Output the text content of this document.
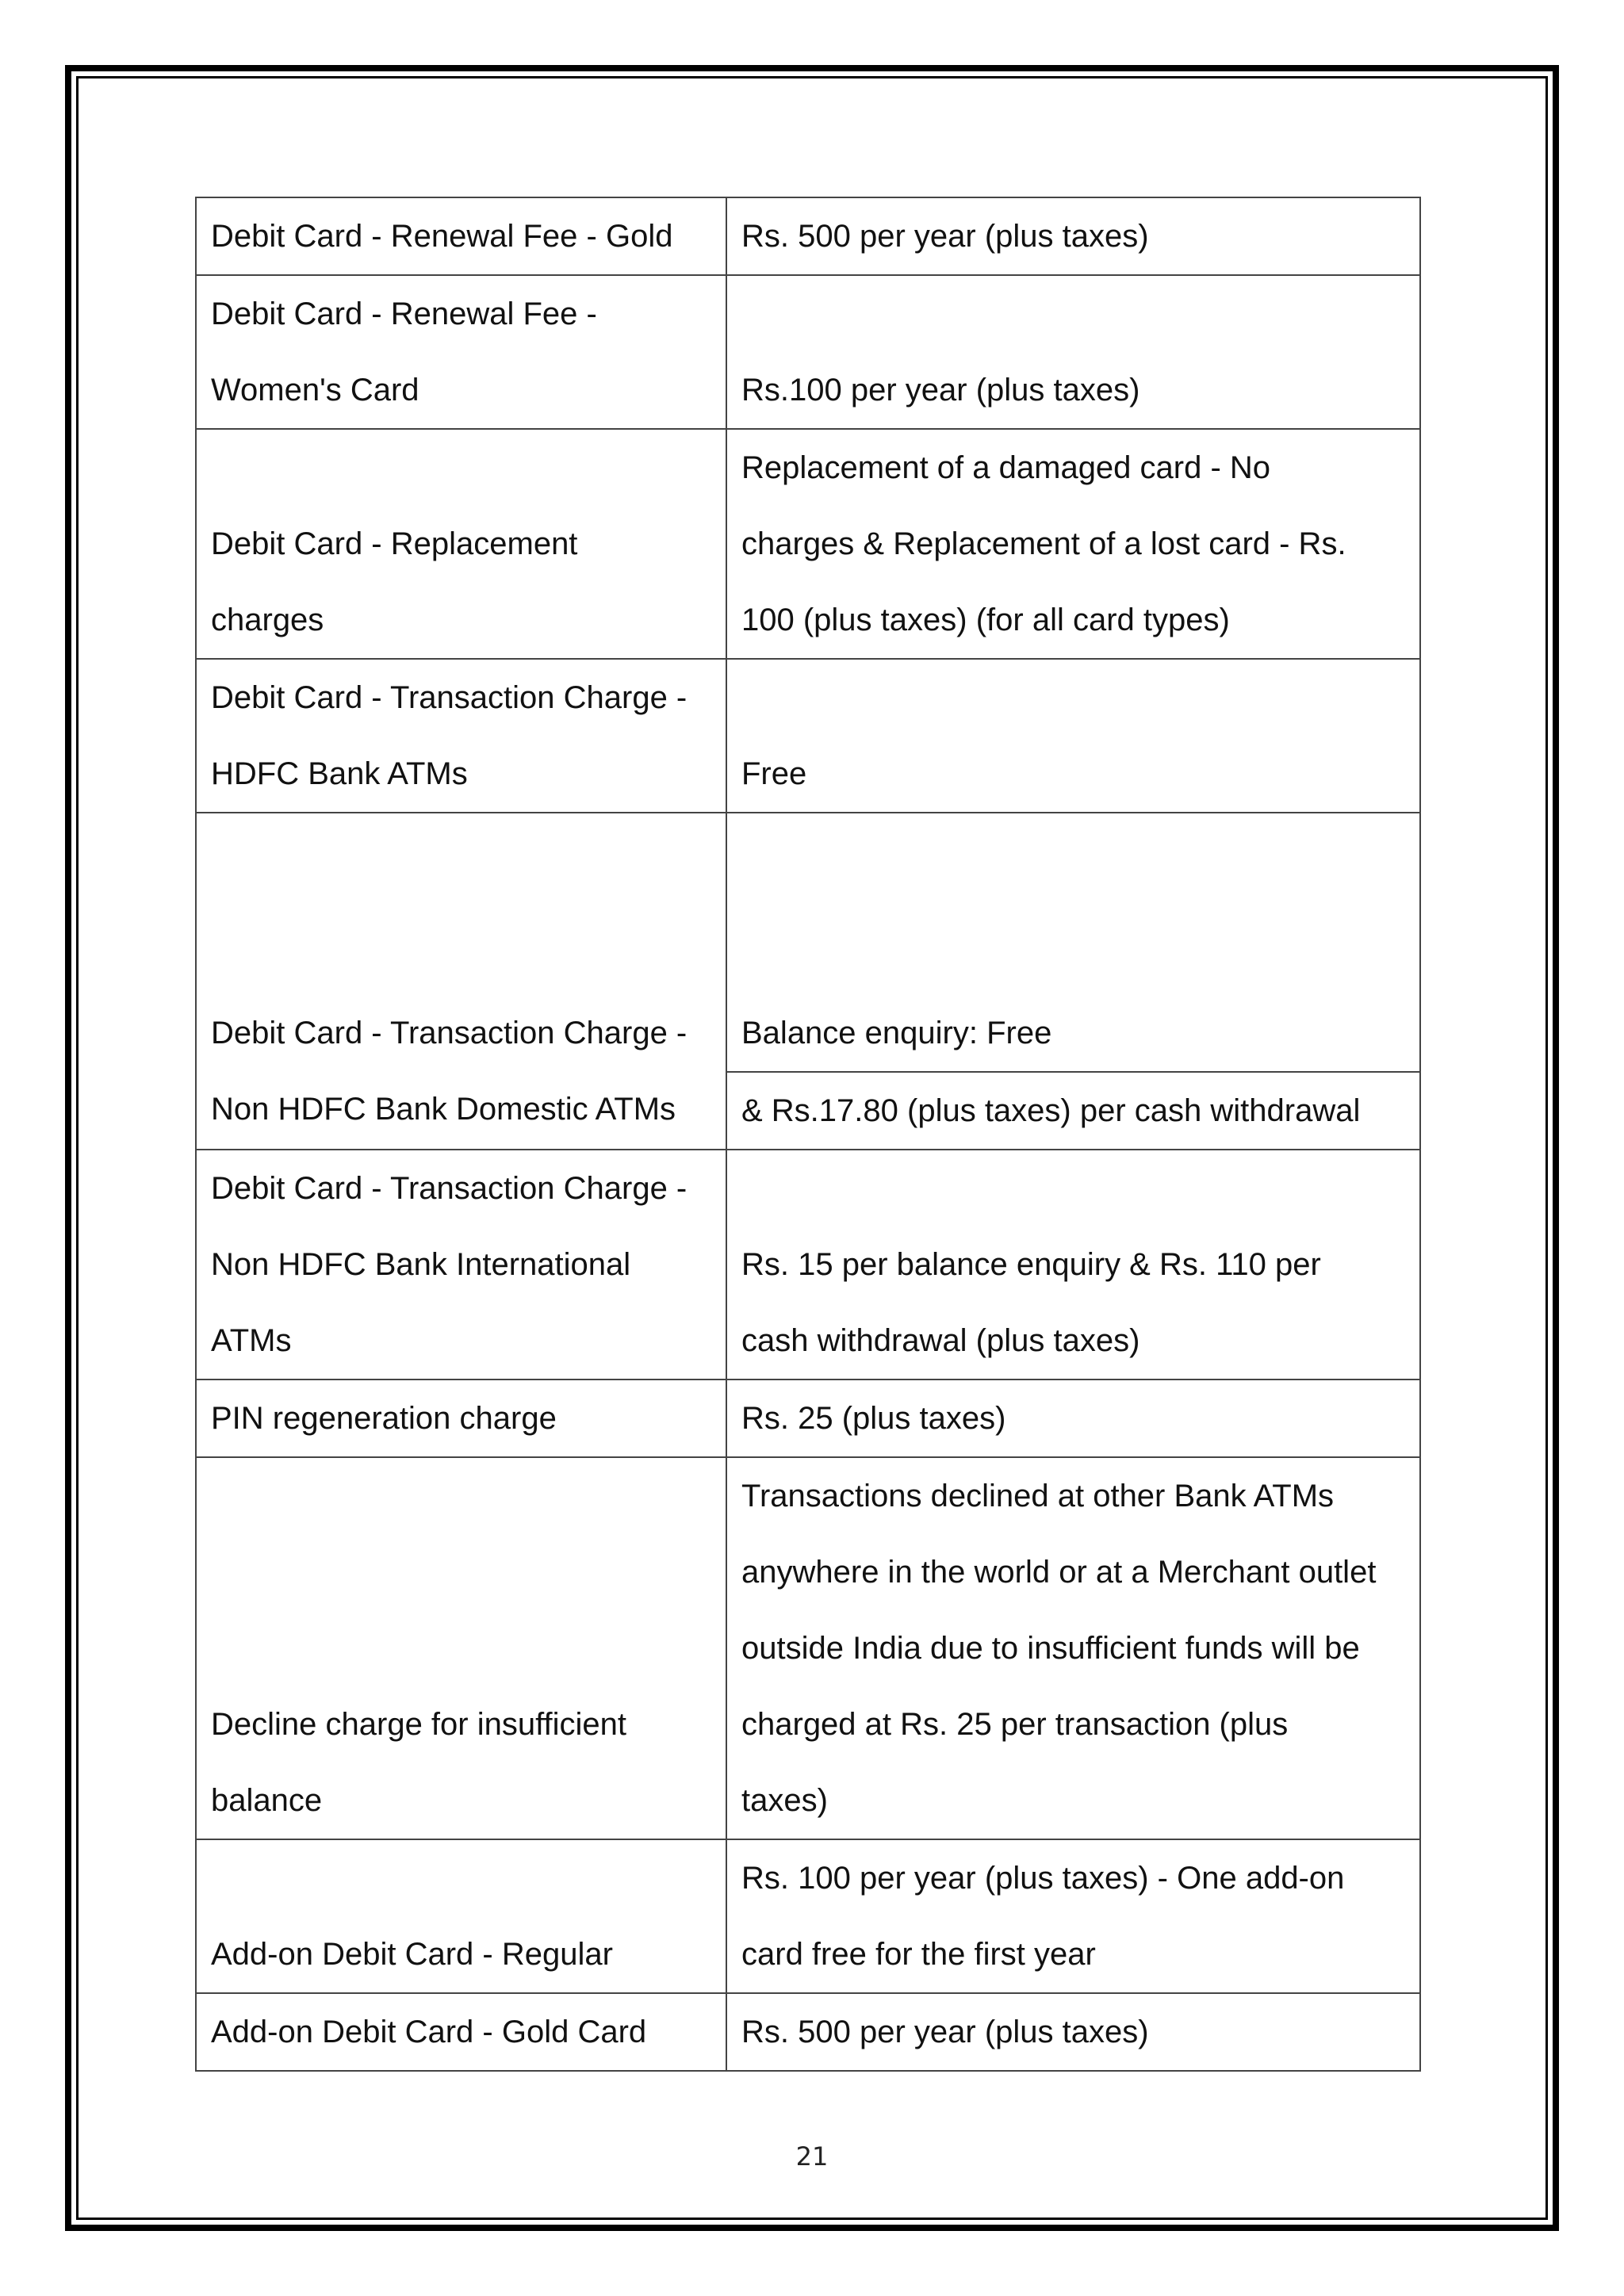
Debit Card - Renewal Fee - Gold	Rs. 500 per year (plus taxes)

Debit Card - Renewal Fee -
Women's Card	Rs.100 per year (plus taxes)

Debit Card - Replacement
charges	Replacement of a damaged card - No
charges & Replacement of a lost card - Rs.
100 (plus taxes) (for all card types)

Debit Card - Transaction Charge -
HDFC Bank ATMs	Free

Debit Card - Transaction Charge -
Non HDFC Bank Domestic ATMs	Balance enquiry: Free
& Rs.17.80 (plus taxes) per cash withdrawal

Debit Card - Transaction Charge -
Non HDFC Bank International
ATMs	Rs. 15 per balance enquiry & Rs. 110 per
cash withdrawal (plus taxes)

PIN regeneration charge	Rs. 25 (plus taxes)

Decline charge for insufficient
balance	Transactions declined at other Bank ATMs
anywhere in the world or at a Merchant outlet
outside India due to insufficient funds will be
charged at Rs. 25 per transaction (plus
taxes)

Add-on Debit Card - Regular	Rs. 100 per year (plus taxes) - One add-on
card free for the first year

Add-on Debit Card - Gold Card	Rs. 500 per year (plus taxes)
21
